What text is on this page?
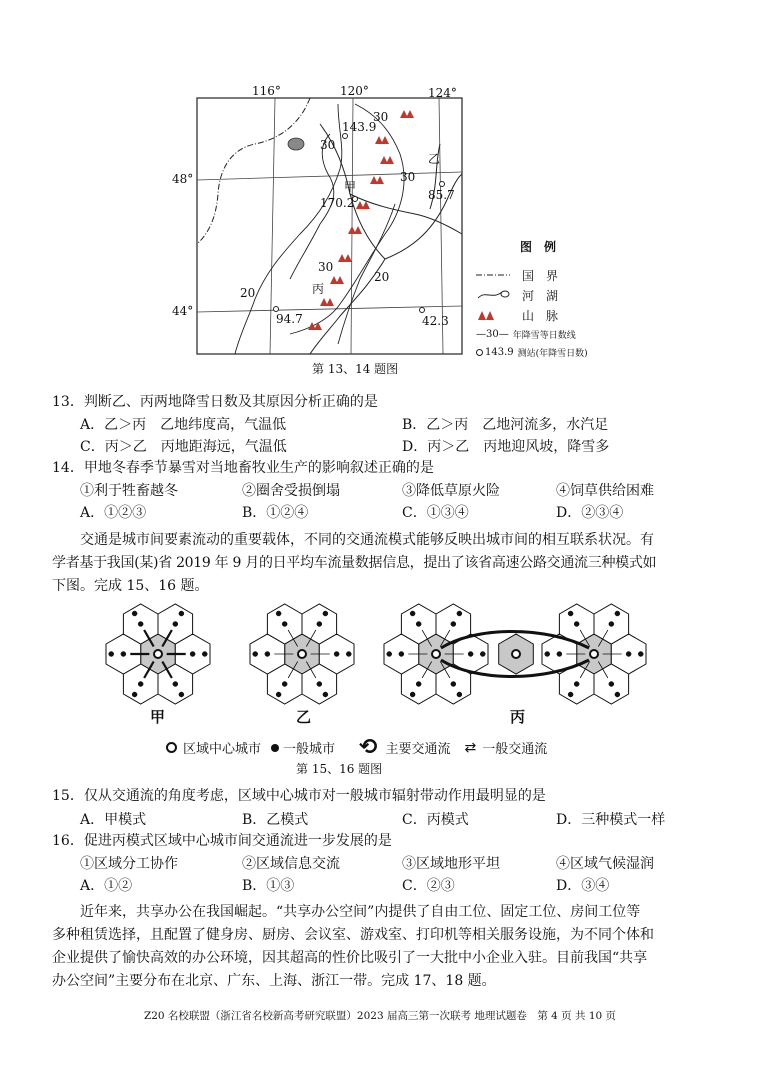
116°	120°	124°
48°
44°
甲
乙
丙
143.9
170.2
85.7
94.7	42.3
30
30
30
30
20
20
图　例
国　界
河　湖
山　脉
—30— 年降雪等日数线
143.9 测站(年降雪日数)
第 13、14 题图
13．判断乙、丙两地降雪日数及其原因分析正确的是
A．乙＞丙　乙地纬度高，气温低	B．乙＞丙　乙地河流多，水汽足
C．丙＞乙　丙地距海远，气温低	D．丙＞乙　丙地迎风坡，降雪多
14．甲地冬春季节暴雪对当地畜牧业生产的影响叙述正确的是
①利于牲畜越冬	②圈舍受损倒塌	③降低草原火险	④饲草供给困难
A．①②③	B．①②④	C．①③④	D．②③④
交通是城市间要素流动的重要载体，不同的交通流模式能够反映出城市间的相互联系状况。有
学者基于我国(某)省 2019 年 9 月的日平均车流量数据信息，提出了该省高速公路交通流三种模式如
下图。完成 15、16 题。
甲	乙	丙
区域中心城市 一般城市 ⟲ 主要交通流 ⇄ 一般交通流
第 15、16 题图
15．仅从交通流的角度考虑，区域中心城市对一般城市辐射带动作用最明显的是
A．甲模式	B．乙模式	C．丙模式	D．三种模式一样
16．促进丙模式区域中心城市间交通流进一步发展的是
①区域分工协作	②区域信息交流	③区域地形平坦	④区域气候湿润
A．①②	B．①③	C．②③	D．③④
近年来，共享办公在我国崛起。“共享办公空间”内提供了自由工位、固定工位、房间工位等
多种租赁选择，且配置了健身房、厨房、会议室、游戏室、打印机等相关服务设施，为不同个体和
企业提供了愉快高效的办公环境，因其超高的性价比吸引了一大批中小企业入驻。目前我国“共享
办公空间”主要分布在北京、广东、上海、浙江一带。完成 17、18 题。
Z20 名校联盟（浙江省名校新高考研究联盟）2023 届高三第一次联考 地理试题卷　第 4 页 共 10 页
